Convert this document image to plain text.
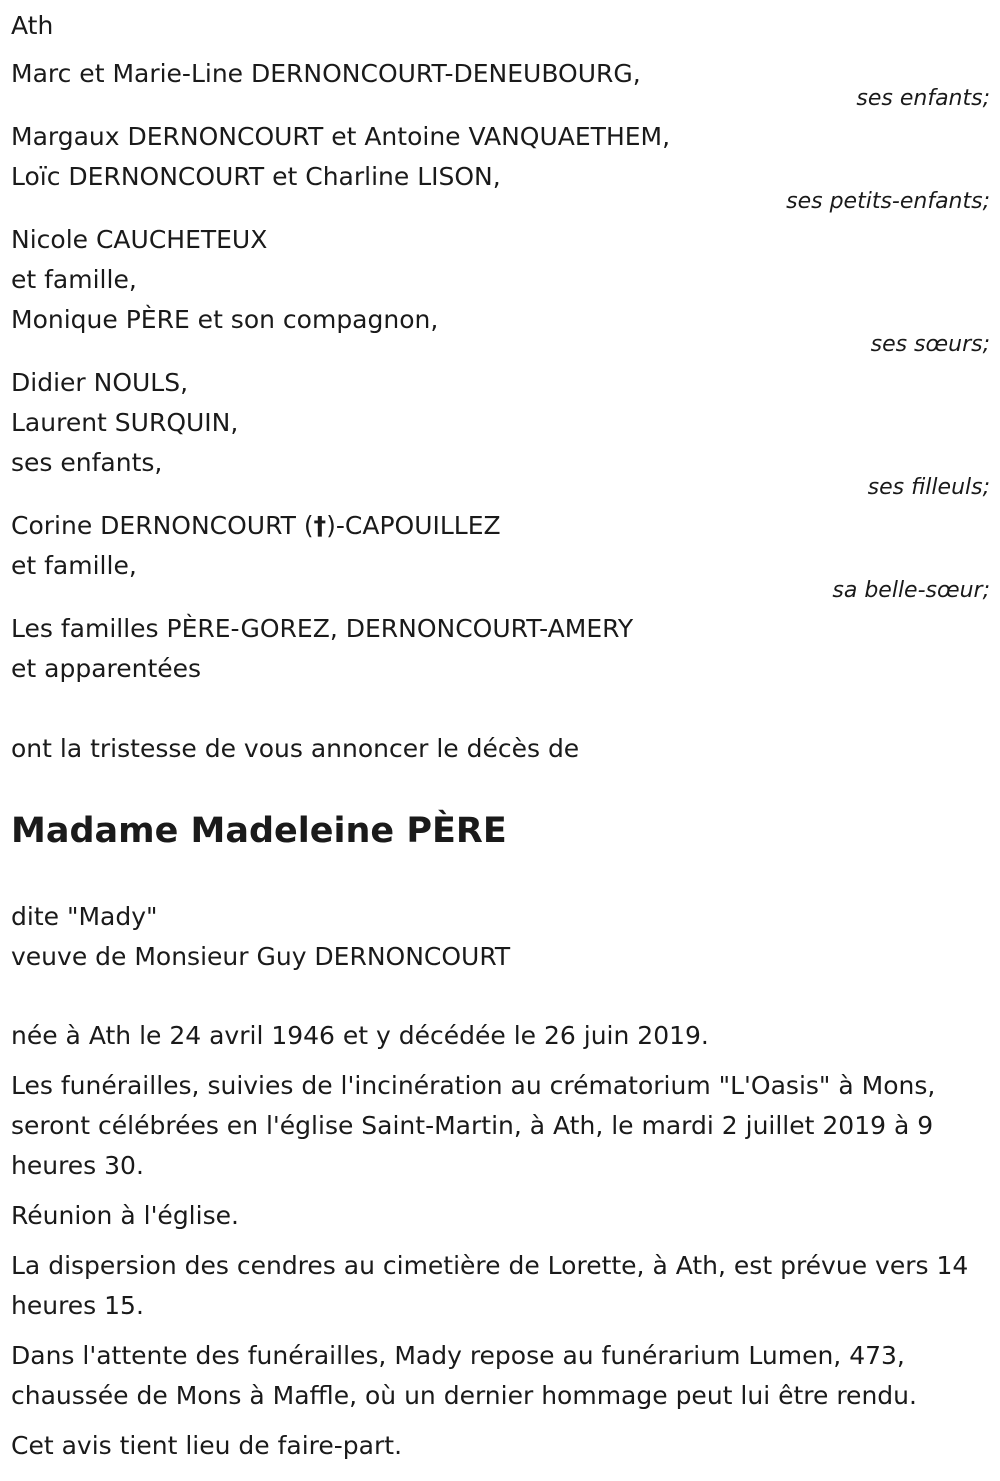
Ath
Marc et Marie-Line DERNONCOURT-DENEUBOURG,
ses enfants;
Margaux DERNONCOURT et Antoine VANQUAETHEM,
Loïc DERNONCOURT et Charline LISON,
ses petits-enfants;
Nicole CAUCHETEUX
et famille,
Monique PÈRE et son compagnon,
ses sœurs;
Didier NOULS,
Laurent SURQUIN,
ses enfants,
ses filleuls;
Corine DERNONCOURT (†)-CAPOUILLEZ
et famille,
sa belle-sœur;
Les familles PÈRE-GOREZ, DERNONCOURT-AMERY
et apparentées
ont la tristesse de vous annoncer le décès de
Madame Madeleine PÈRE
dite "Mady"
veuve de Monsieur Guy DERNONCOURT

née à Ath le 24 avril 1946 et y décédée le 26 juin 2019.

Les funérailles, suivies de l'incinération au crématorium "L'Oasis" à Mons, seront célébrées en l'église Saint-Martin, à Ath, le mardi 2 juillet 2019 à 9 heures 30.

Réunion à l'église.

La dispersion des cendres au cimetière de Lorette, à Ath, est prévue vers 14 heures 15.

Dans l'attente des funérailles, Mady repose au funérarium Lumen, 473, chaussée de Mons à Maffle, où un dernier hommage peut lui être rendu.

Cet avis tient lieu de faire-part.
